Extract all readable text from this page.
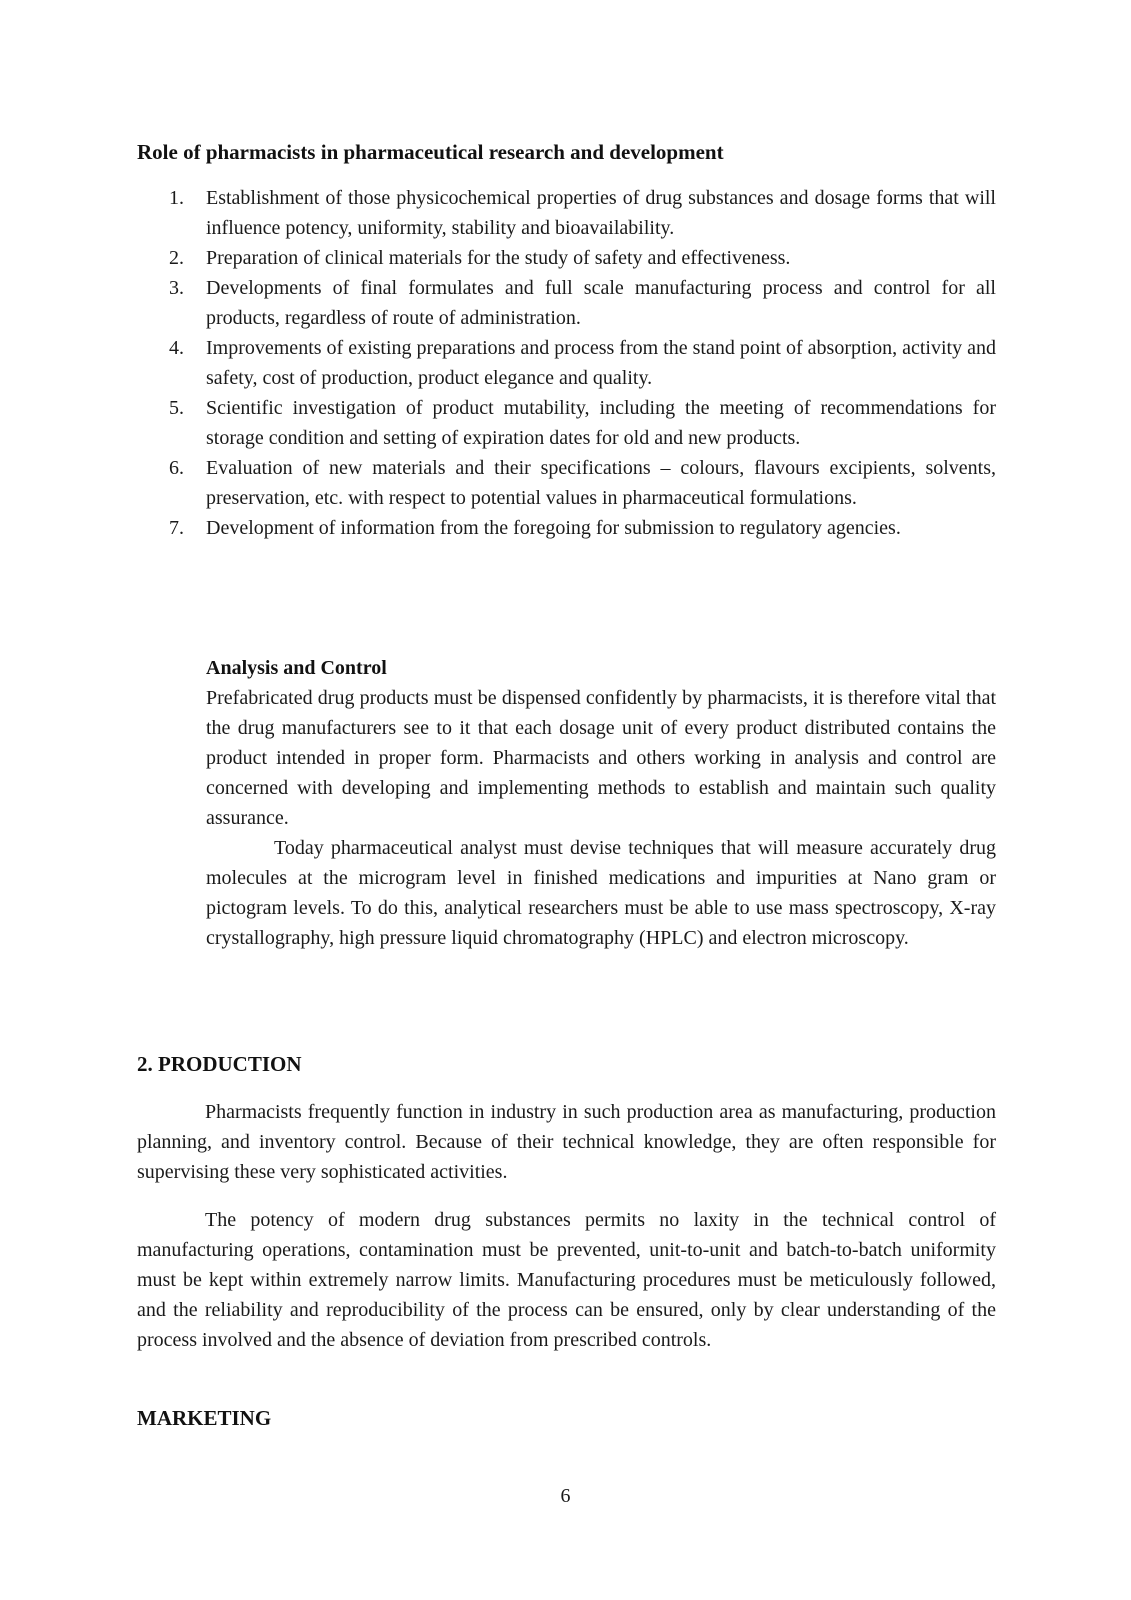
Role of pharmacists in pharmaceutical research and development
1.	Establishment of those physicochemical properties of drug substances and dosage forms that will influence potency, uniformity, stability and bioavailability.
2.	Preparation of clinical materials for the study of safety and effectiveness.
3.	Developments of final formulates and full scale manufacturing process and control for all products, regardless of route of administration.
4.	Improvements of existing preparations and process from the stand point of absorption, activity and safety, cost of production, product elegance and quality.
5.	Scientific investigation of product mutability, including the meeting of recommendations for storage condition and setting of expiration dates for old and new products.
6.	Evaluation of new materials and their specifications – colours, flavours excipients, solvents, preservation, etc. with respect to potential values in pharmaceutical formulations.
7.	Development of information from the foregoing for submission to regulatory agencies.
Analysis and Control

Prefabricated drug products must be dispensed confidently by pharmacists, it is therefore vital that the drug manufacturers see to it that each dosage unit of every product distributed contains the product intended in proper form. Pharmacists and others working in analysis and control are concerned with developing and implementing methods to establish and maintain such quality assurance.

Today pharmaceutical analyst must devise techniques that will measure accurately drug molecules at the microgram level in finished medications and impurities at Nano gram or pictogram levels. To do this, analytical researchers must be able to use mass spectroscopy, X-ray crystallography, high pressure liquid chromatography (HPLC) and electron microscopy.

2. PRODUCTION

Pharmacists frequently function in industry in such production area as manufacturing, production planning, and inventory control. Because of their technical knowledge, they are often responsible for supervising these very sophisticated activities.

The potency of modern drug substances permits no laxity in the technical control of manufacturing operations, contamination must be prevented, unit-to-unit and batch-to-batch uniformity must be kept within extremely narrow limits. Manufacturing procedures must be meticulously followed, and the reliability and reproducibility of the process can be ensured, only by clear understanding of the process involved and the absence of deviation from prescribed controls.

MARKETING
6
